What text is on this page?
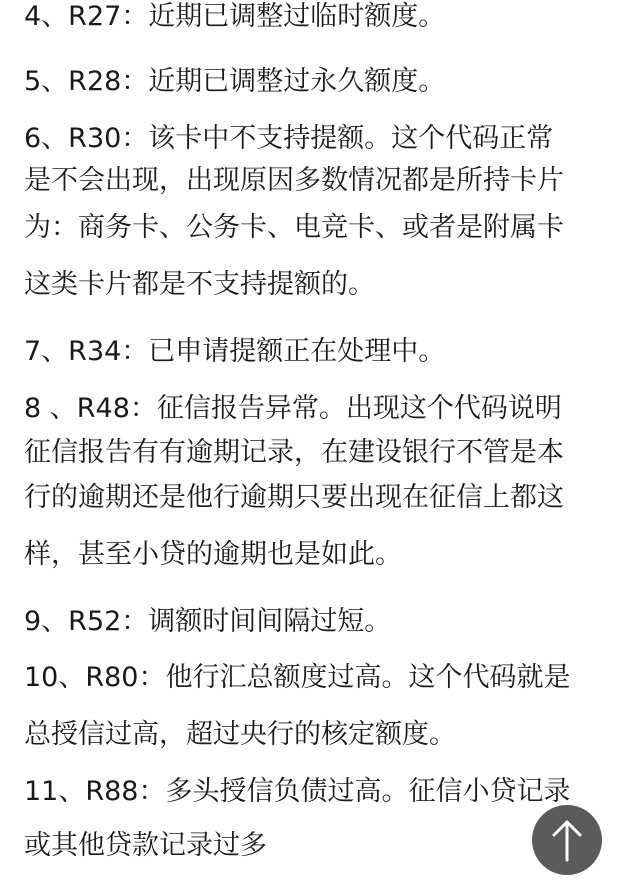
4、R27：近期已调整过临时额度。
5、R28：近期已调整过永久额度。
6、R30：该卡中不支持提额。这个代码正常
是不会出现，出现原因多数情况都是所持卡片
为：商务卡、公务卡、电竞卡、或者是附属卡
这类卡片都是不支持提额的。
7、R34：已申请提额正在处理中。
8 、R48：征信报告异常。出现这个代码说明
征信报告有有逾期记录，在建设银行不管是本
行的逾期还是他行逾期只要出现在征信上都这
样，甚至小贷的逾期也是如此。
9、R52：调额时间间隔过短。
10、R80：他行汇总额度过高。这个代码就是
总授信过高，超过央行的核定额度。
11、R88：多头授信负债过高。征信小贷记录
或其他贷款记录过多
